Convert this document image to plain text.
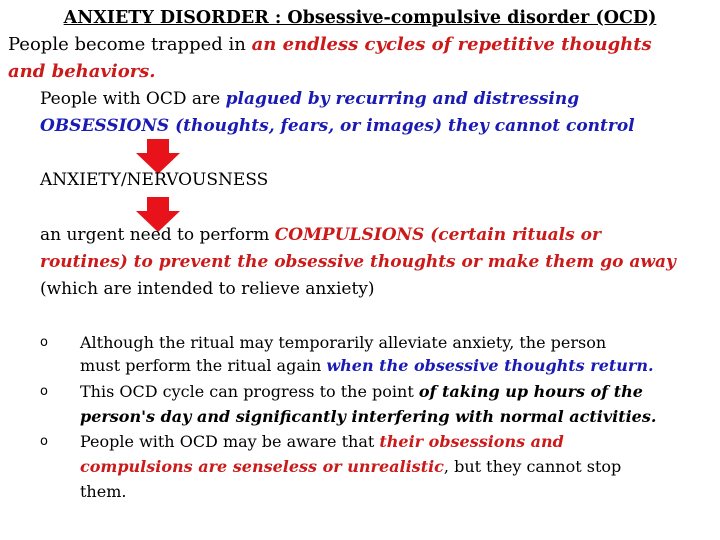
ANXIETY DISORDER : Obsessive-compulsive disorder (OCD)
People become trapped in an endless cycles of repetitive thoughts
and behaviors.
People with OCD are plagued by recurring and distressing
OBSESSIONS (thoughts, fears, or images) they cannot control
ANXIETY/NERVOUSNESS
an urgent need to perform COMPULSIONS (certain rituals or
routines) to prevent the obsessive thoughts or make them go away
(which are intended to relieve anxiety)
o Although the ritual may temporarily alleviate anxiety, the person
must perform the ritual again when the obsessive thoughts return.
o This OCD cycle can progress to the point of taking up hours of the
person's day and significantly interfering with normal activities.
o People with OCD may be aware that their obsessions and
compulsions are senseless or unrealistic, but they cannot stop
them.
